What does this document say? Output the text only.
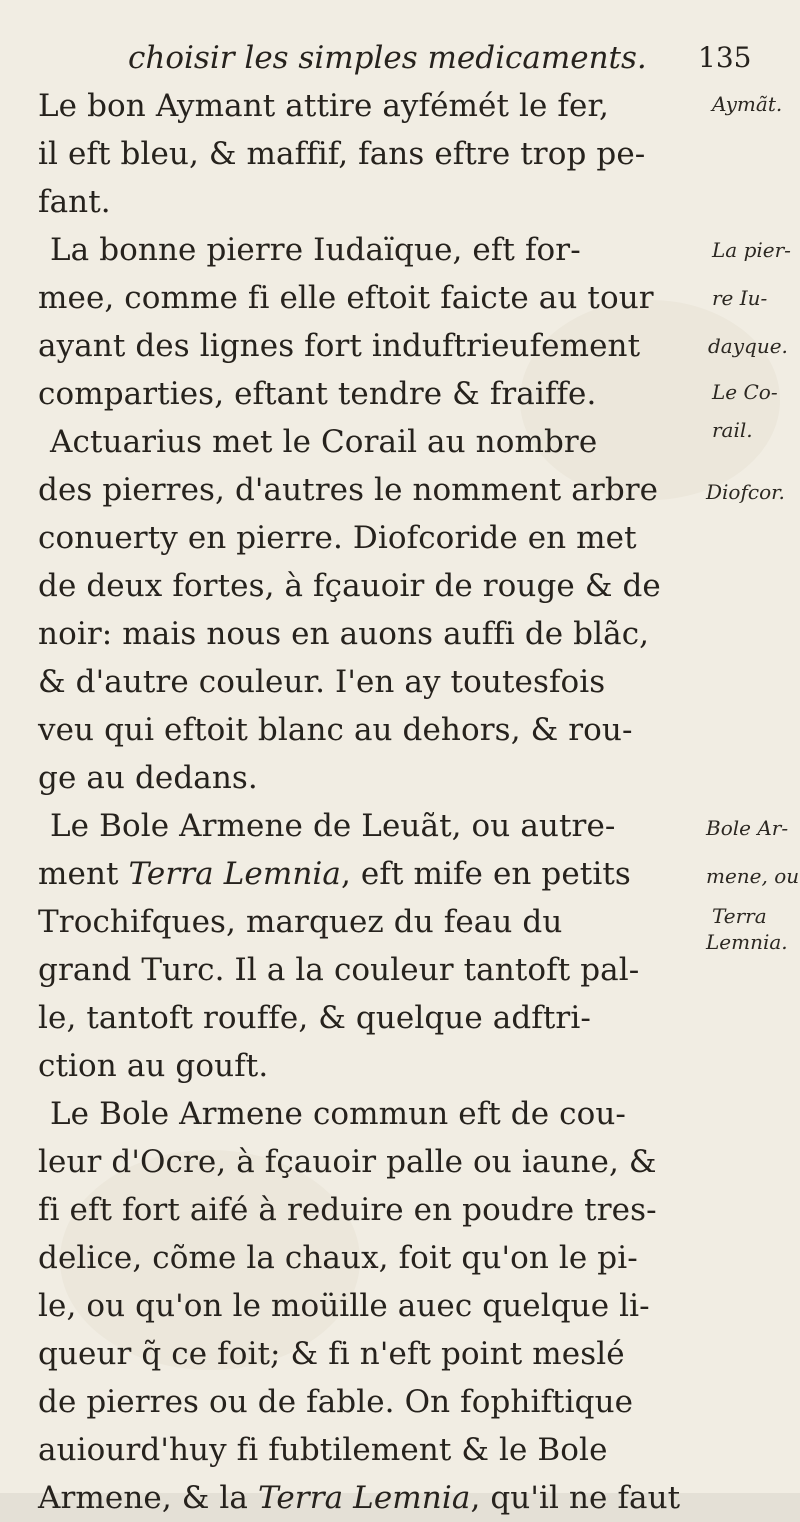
choisir les simples medicaments. 135
Le bon Aymant attire ayfémét le fer,
il eft bleu, & maffif, fans eftre trop pe-
fant.
La bonne pierre Iudaïque, eft for-
mee, comme fi elle eftoit faicte au tour
ayant des lignes fort induftrieufement
comparties, eftant tendre & fraiffe.
Actuarius met le Corail au nombre
des pierres, d'autres le nomment arbre
conuerty en pierre. Diofcoride en met
de deux fortes, à fçauoir de rouge & de
noir: mais nous en auons auffi de blãc,
& d'autre couleur. I'en ay toutesfois
veu qui eftoit blanc au dehors, & rou-
ge au dedans.
Le Bole Armene de Leuãt, ou autre-
ment Terra Lemnia, eft mife en petits
Trochifques, marquez du feau du
grand Turc. Il a la couleur tantoft pal-
le, tantoft rouffe, & quelque adftri-
ction au gouft.
Le Bole Armene commun eft de cou-
leur d'Ocre, à fçauoir palle ou iaune, &
fi eft fort aifé à reduire en poudre tres-
delice, cõme la chaux, foit qu'on le pi-
le, ou qu'on le moüille auec quelque li-
queur q̃ ce foit; & fi n'eft point meslé
de pierres ou de fable. On fophiftique
auiourd'huy fi fubtilement & le Bole
Armene, & la Terra Lemnia, qu'il ne faut
Aymãt.
La pier-
re Iu-
dayque.
Le Co-
rail.
Diofcor.
Bole Ar-
mene, ou
Terra
Lemnia.
